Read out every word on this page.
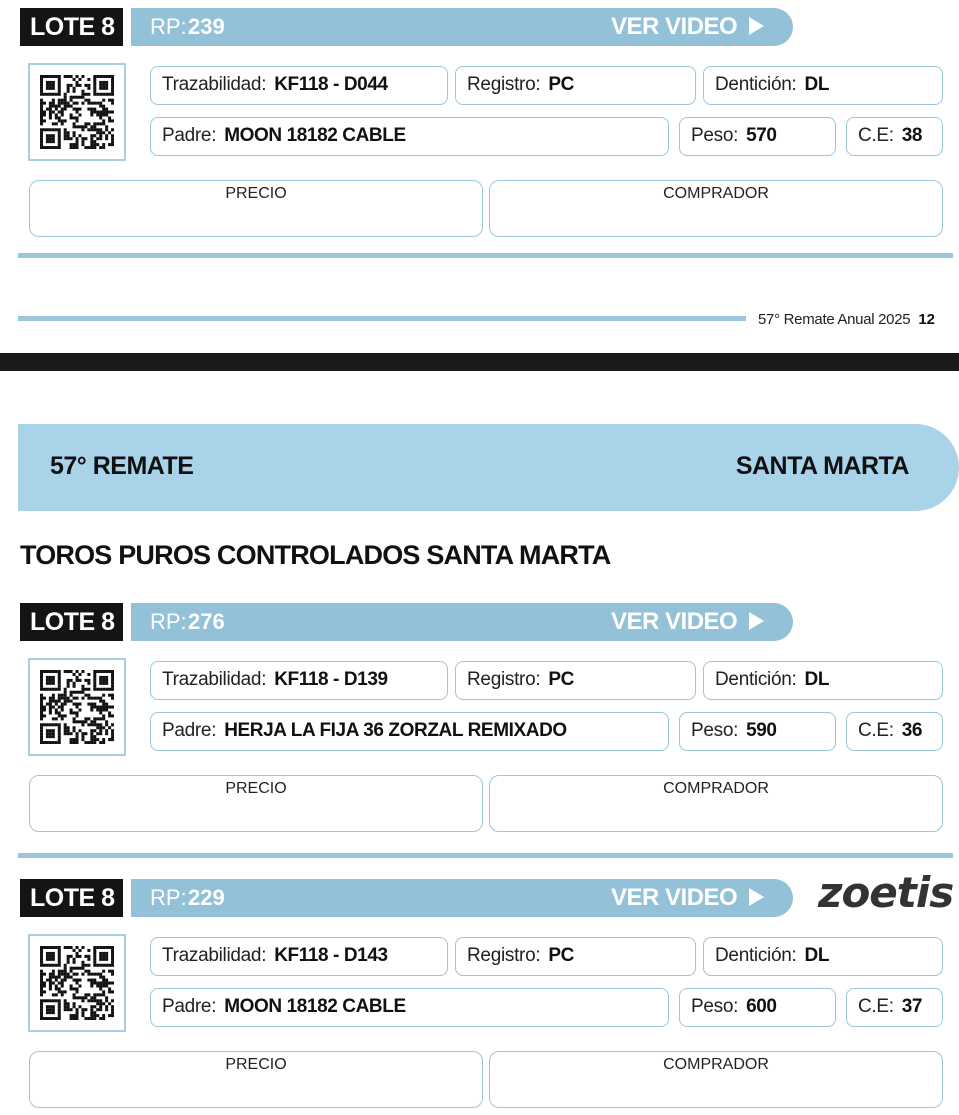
LOTE 8	RP: 239	VER VIDEO
Trazabilidad: KF118 - D044	Registro: PC	Dentición: DL
Padre: MOON 18182 CABLE	Peso: 570	C.E: 38
PRECIO	COMPRADOR
57° Remate Anual 2025 12
57° REMATE	SANTA MARTA
TOROS PUROS CONTROLADOS SANTA MARTA
LOTE 8	RP: 276	VER VIDEO
Trazabilidad: KF118 - D139	Registro: PC	Dentición: DL
Padre: HERJA LA FIJA 36 ZORZAL REMIXADO	Peso: 590	C.E: 36
PRECIO	COMPRADOR
LOTE 8	RP: 229	VER VIDEO	zoetis
Trazabilidad: KF118 - D143	Registro: PC	Dentición: DL
Padre: MOON 18182 CABLE	Peso: 600	C.E: 37
PRECIO	COMPRADOR
